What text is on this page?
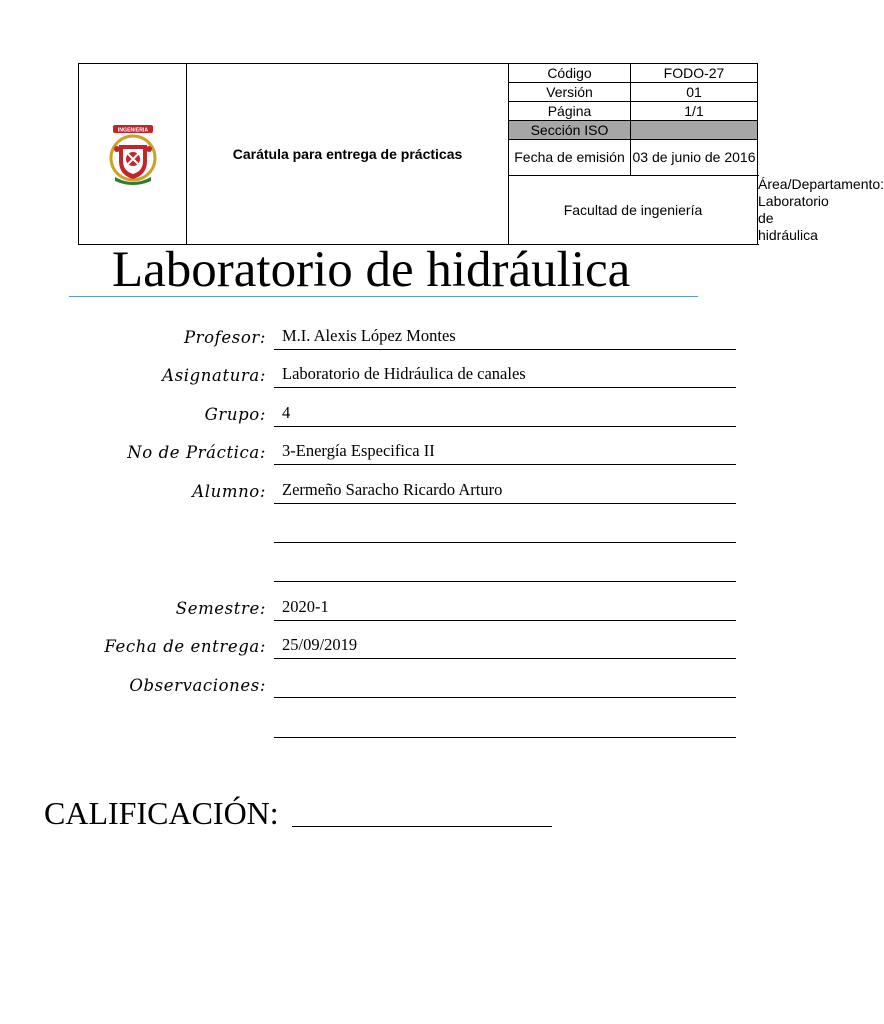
INGENIERIA	Carátula para entrega de prácticas	Código	FODO-27	
		Versión	01	
		Página	1/1	
		Sección ISO		
		Fecha de emisión	03 de junio de 2016	
		Facultad de ingeniería		Área/Departamento: Laboratorio de hidráulica
Laboratorio de hidráulica
Profesor: M.I. Alexis López Montes
Asignatura: Laboratorio de Hidráulica de canales
Grupo: 4
No de Práctica: 3-Energía Especifica II
Alumno: Zermeño Saracho Ricardo Arturo
Semestre: 2020-1
Fecha de entrega: 25/09/2019
Observaciones:
CALIFICACIÓN:
